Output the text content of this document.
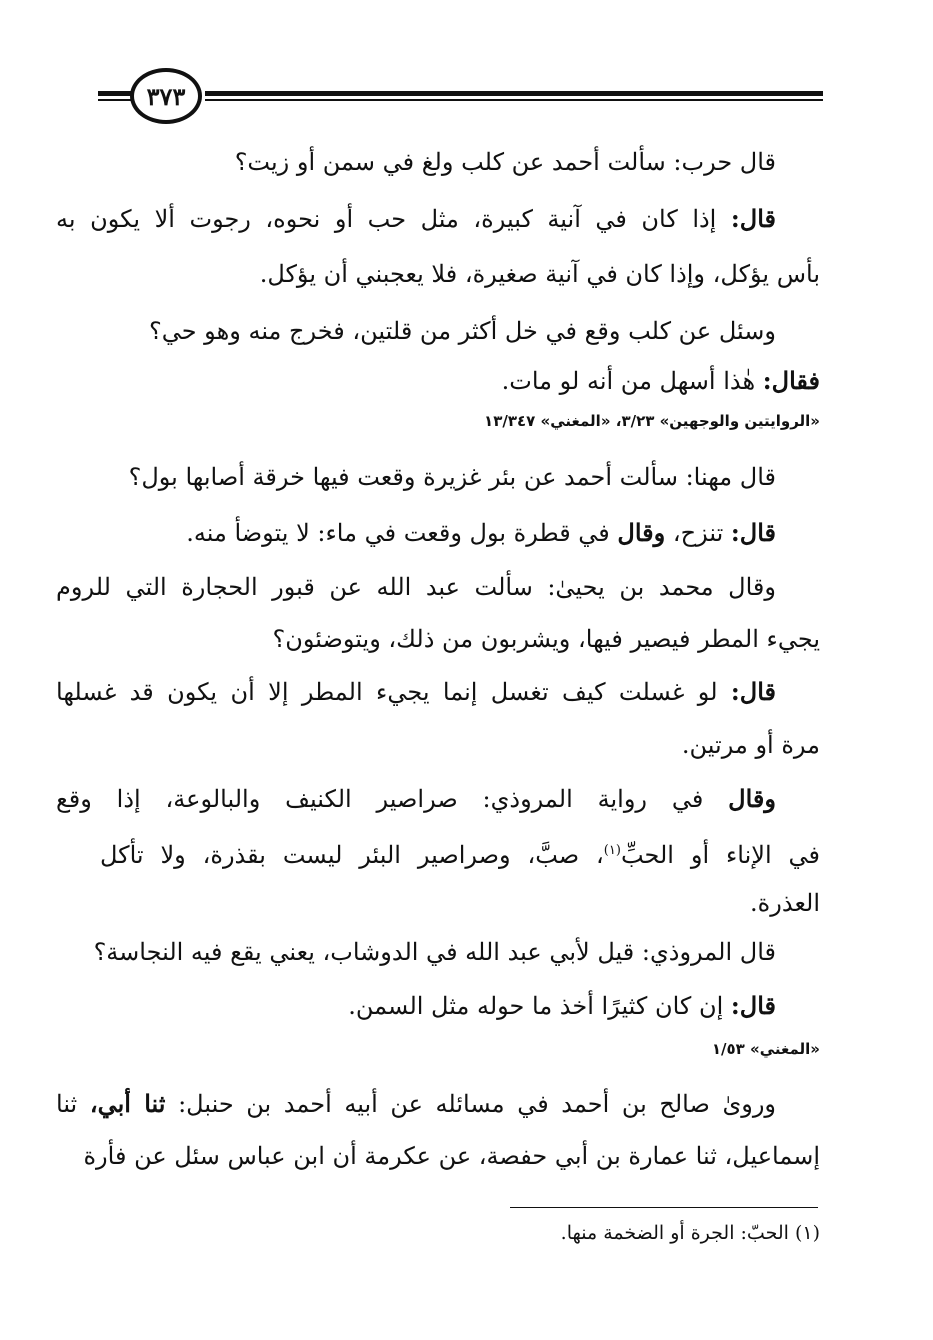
٣٧٣
قال حرب: سألت أحمد عن كلب ولغ في سمن أو زيت؟
قال: إذا كان في آنية كبيرة، مثل حب أو نحوه، رجوت ألا يكون به
بأس يؤكل، وإذا كان في آنية صغيرة، فلا يعجبني أن يؤكل.
وسئل عن كلب وقع في خل أكثر من قلتين، فخرج منه وهو حي؟
فقال: هٰذا أسهل من أنه لو مات.
«الروايتين والوجهين» ٣/٢٣، «المغني» ١٣/٣٤٧
قال مهنا: سألت أحمد عن بئر غزيرة وقعت فيها خرقة أصابها بول؟
قال: تنزح، وقال في قطرة بول وقعت في ماء: لا يتوضأ منه.
وقال محمد بن يحيىٰ: سألت عبد الله عن قبور الحجارة التي للروم
يجيء المطر فيصير فيها، ويشربون من ذلك، ويتوضئون؟
قال: لو غسلت كيف تغسل إنما يجيء المطر إلا أن يكون قد غسلها
مرة أو مرتين.
وقال في رواية المروذي: صراصير الكنيف والبالوعة، إذا وقع
في الإناء أو الحبِّ$^{(١)}$، صبَّ، وصراصير البئر ليست بقذرة، ولا تأكل
العذرة.
قال المروذي: قيل لأبي عبد الله في الدوشاب، يعني يقع فيه النجاسة؟
قال: إن كان كثيرًا أخذ ما حوله مثل السمن.
«المغني» ١/٥٣
وروىٰ صالح بن أحمد في مسائله عن أبيه أحمد بن حنبل: ثنا أبي، ثنا
إسماعيل، ثنا عمارة بن أبي حفصة، عن عكرمة أن ابن عباس سئل عن فأرة
(١) الحبّ: الجرة أو الضخمة منها.
